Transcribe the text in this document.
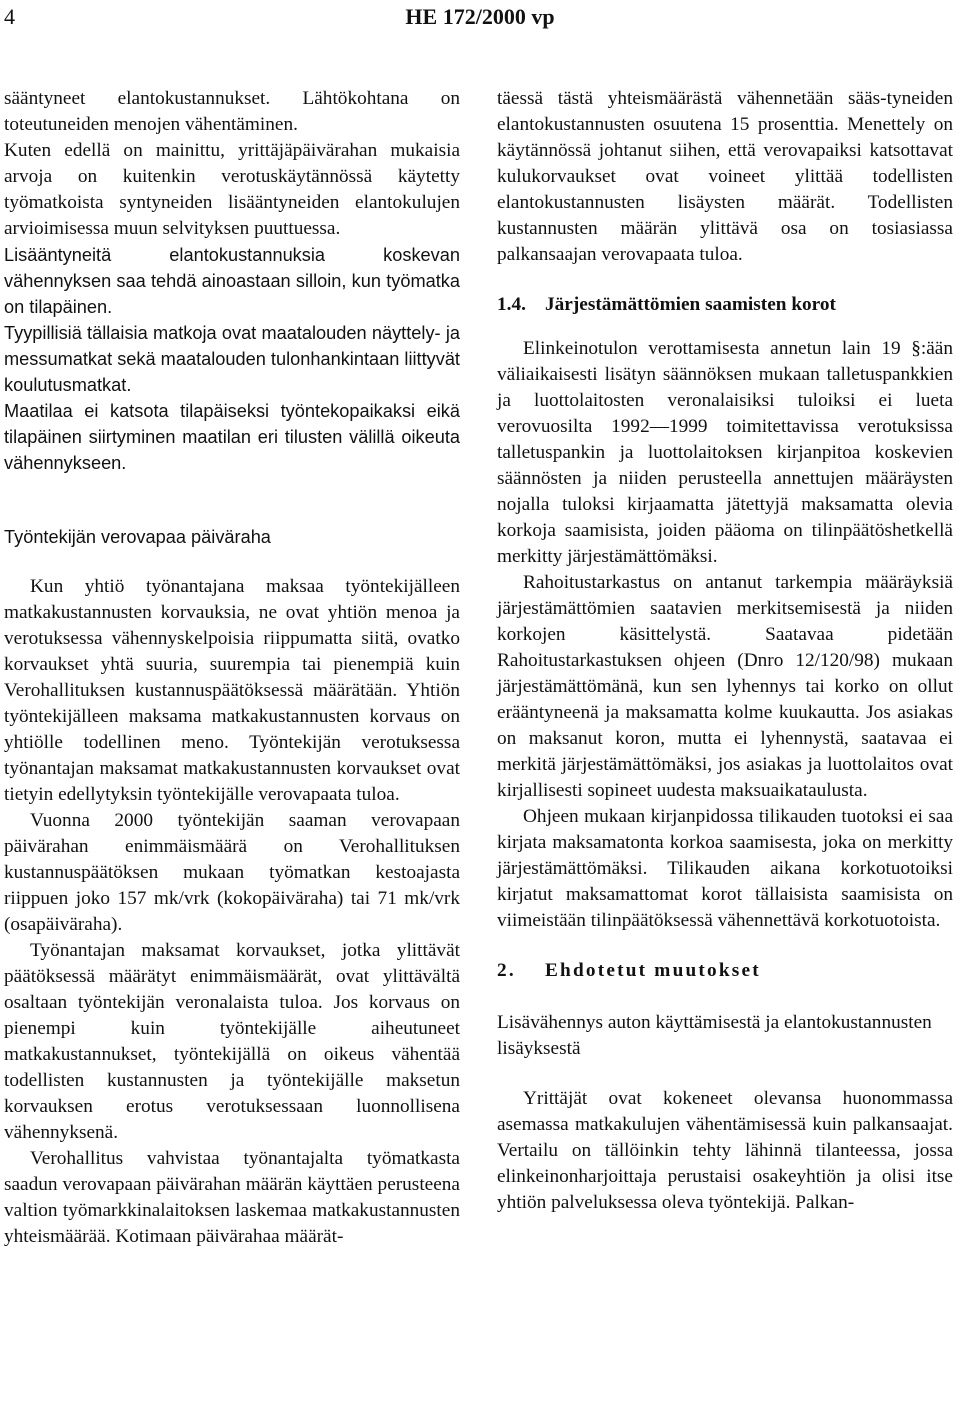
4	HE 172/2000 vp

sääntyneet elantokustannukset. Lähtökohtana on toteutuneiden menojen vähentäminen.

Kuten edellä on mainittu, yrittäjäpäivärahan mukaisia arvoja on kuitenkin verotuskäytännössä käytetty työmatkoista syntyneiden lisääntyneiden elantokulujen arvioimisessa muun selvityksen puuttuessa.

Lisääntyneitä elantokustannuksia koskevan vähennyksen saa tehdä ainoastaan silloin, kun työmatka on tilapäinen.

Tyypillisiä tällaisia matkoja ovat maatalouden näyttely- ja messumatkat sekä maatalouden tulonhankintaan liittyvät koulutusmatkat.

Maatilaa ei katsota tilapäiseksi työntekopaikaksi eikä tilapäinen siirtyminen maatilan eri tilusten välillä oikeuta vähennykseen.

Työntekijän verovapaa päiväraha

Kun yhtiö työnantajana maksaa työntekijälleen matkakustannusten korvauksia, ne ovat yhtiön menoa ja verotuksessa vähennyskelpoisia riippumatta siitä, ovatko korvaukset yhtä suuria, suurempia tai pienempiä kuin Verohallituksen kustannuspäätöksessä määrätään. Yhtiön työntekijälleen maksama matkakustannusten korvaus on yhtiölle todellinen meno. Työntekijän verotuksessa työnantajan maksamat matkakustannusten korvaukset ovat tietyin edellytyksin työntekijälle verovapaata tuloa.

Vuonna 2000 työntekijän saaman verovapaan päivärahan enimmäismäärä on Verohallituksen kustannuspäätöksen mukaan työmatkan kestoajasta riippuen joko 157 mk/vrk (kokopäiväraha) tai 71 mk/vrk (osapäiväraha).

Työnantajan maksamat korvaukset, jotka ylittävät päätöksessä määrätyt enimmäismäärät, ovat ylittävältä osaltaan työntekijän veronalaista tuloa. Jos korvaus on pienempi kuin työntekijälle aiheutuneet matkakustannukset, työntekijällä on oikeus vähentää todellisten kustannusten ja työntekijälle maksetun korvauksen erotus verotuksessaan luonnollisena vähennyksenä.

Verohallitus vahvistaa työnantajalta työmatkasta saadun verovapaan päivärahan määrän käyttäen perusteena valtion työmarkkinalaitoksen laskemaa matkakustannusten yhteismäärää. Kotimaan päivärahaa määrät-

täessä tästä yhteismäärästä vähennetään sääs-tyneiden elantokustannusten osuutena 15 prosenttia. Menettely on käytännössä johtanut siihen, että verovapaiksi katsottavat kulukorvaukset ovat voineet ylittää todellisten elantokustannusten lisäysten määrät. Todellisten kustannusten määrän ylittävä osa on tosiasiassa palkansaajan verovapaata tuloa.

1.4. Järjestämättömien saamisten korot

Elinkeinotulon verottamisesta annetun lain 19 §:ään väliaikaisesti lisätyn säännöksen mukaan talletuspankkien ja luottolaitosten veronalaisiksi tuloiksi ei lueta verovuosilta 1992—1999 toimitettavissa verotuksissa talletuspankin ja luottolaitoksen kirjanpitoa koskevien säännösten ja niiden perusteella annettujen määräysten nojalla tuloksi kirjaamatta jätettyjä maksamatta olevia korkoja saamisista, joiden pääoma on tilinpäätöshetkellä merkitty järjestämättömäksi.

Rahoitustarkastus on antanut tarkempia määräyksiä järjestämättömien saatavien merkitsemisestä ja niiden korkojen käsittelystä. Saatavaa pidetään Rahoitustarkastuksen ohjeen (Dnro 12/120/98) mukaan järjestämättömänä, kun sen lyhennys tai korko on ollut erääntyneenä ja maksamatta kolme kuukautta. Jos asiakas on maksanut koron, mutta ei lyhennystä, saatavaa ei merkitä järjestämättömäksi, jos asiakas ja luottolaitos ovat kirjallisesti sopineet uudesta maksuaikataulusta.

Ohjeen mukaan kirjanpidossa tilikauden tuotoksi ei saa kirjata maksamatonta korkoa saamisesta, joka on merkitty järjestämättömäksi. Tilikauden aikana korkotuotoiksi kirjatut maksamattomat korot tällaisista saamisista on viimeistään tilinpäätöksessä vähennettävä korkotuotoista.

2. Ehdotetut muutokset

Lisävähennys auton käyttämisestä ja elantokustannusten lisäyksestä

Yrittäjät ovat kokeneet olevansa huonommassa asemassa matkakulujen vähentämisessä kuin palkansaajat. Vertailu on tällöinkin tehty lähinnä tilanteessa, jossa elinkeinonharjoittaja perustaisi osakeyhtiön ja olisi itse yhtiön palveluksessa oleva työntekijä. Palkan-
